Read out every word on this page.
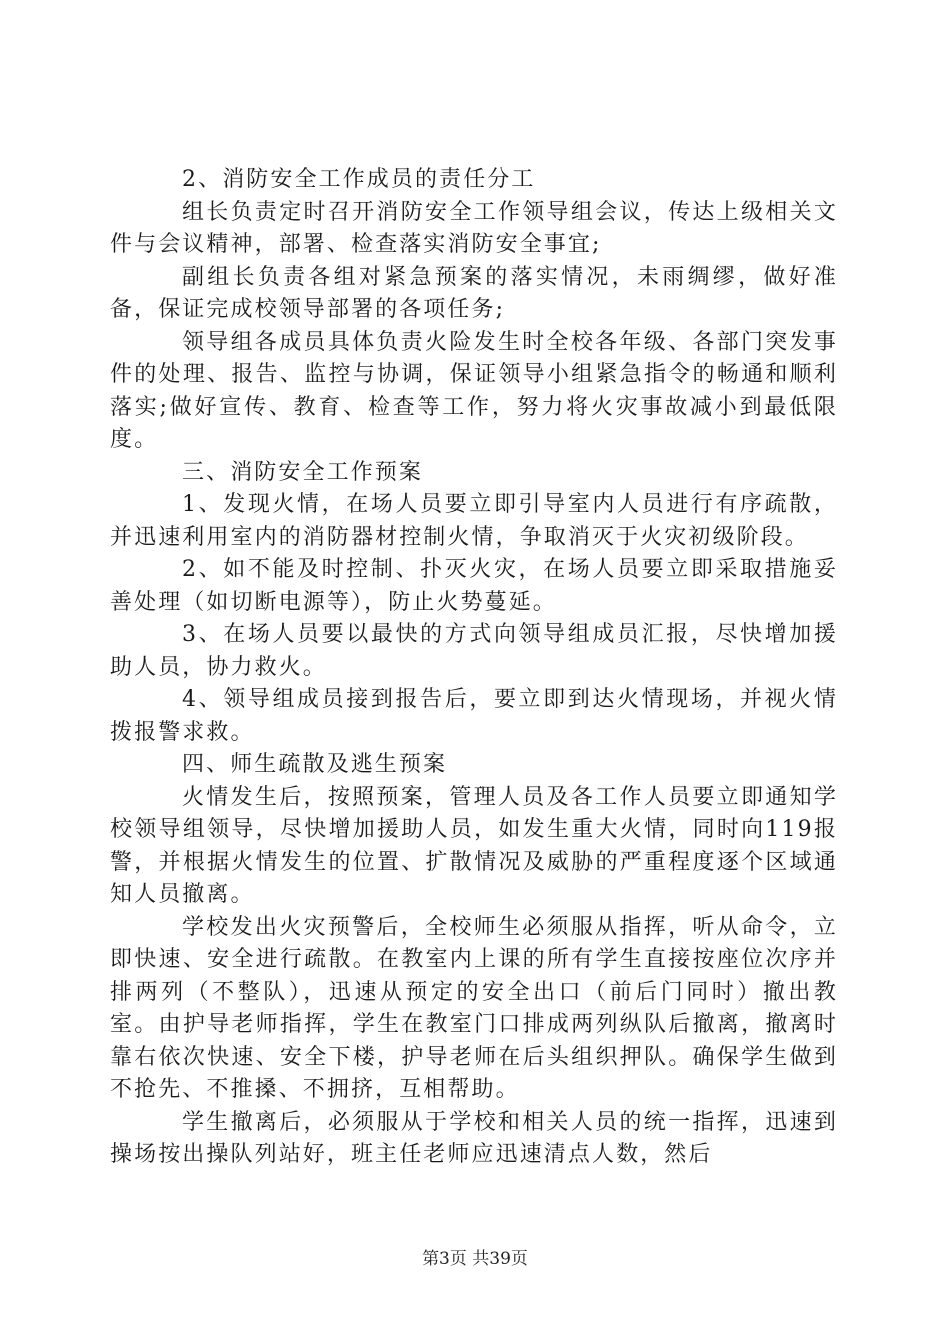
2、消防安全工作成员的责任分工

组长负责定时召开消防安全工作领导组会议，传达上级相关文件与会议精神，部署、检查落实消防安全事宜;

副组长负责各组对紧急预案的落实情况，未雨绸缪，做好准备，保证完成校领导部署的各项任务;

领导组各成员具体负责火险发生时全校各年级、各部门突发事件的处理、报告、监控与协调，保证领导小组紧急指令的畅通和顺利落实;做好宣传、教育、检查等工作，努力将火灾事故减小到最低限度。

三、消防安全工作预案

1、发现火情，在场人员要立即引导室内人员进行有序疏散，并迅速利用室内的消防器材控制火情，争取消灭于火灾初级阶段。

2、如不能及时控制、扑灭火灾，在场人员要立即采取措施妥善处理（如切断电源等），防止火势蔓延。

3、在场人员要以最快的方式向领导组成员汇报，尽快增加援助人员，协力救火。

4、领导组成员接到报告后，要立即到达火情现场，并视火情拨报警求救。

四、师生疏散及逃生预案

火情发生后，按照预案，管理人员及各工作人员要立即通知学校领导组领导，尽快增加援助人员，如发生重大火情，同时向119报警，并根据火情发生的位置、扩散情况及威胁的严重程度逐个区域通知人员撤离。

学校发出火灾预警后，全校师生必须服从指挥，听从命令，立即快速、安全进行疏散。在教室内上课的所有学生直接按座位次序并排两列（不整队），迅速从预定的安全出口（前后门同时）撤出教室。由护导老师指挥，学生在教室门口排成两列纵队后撤离，撤离时靠右依次快速、安全下楼，护导老师在后头组织押队。确保学生做到不抢先、不推搡、不拥挤，互相帮助。

学生撤离后，必须服从于学校和相关人员的统一指挥，迅速到操场按出操队列站好，班主任老师应迅速清点人数，然后

第3页 共39页
